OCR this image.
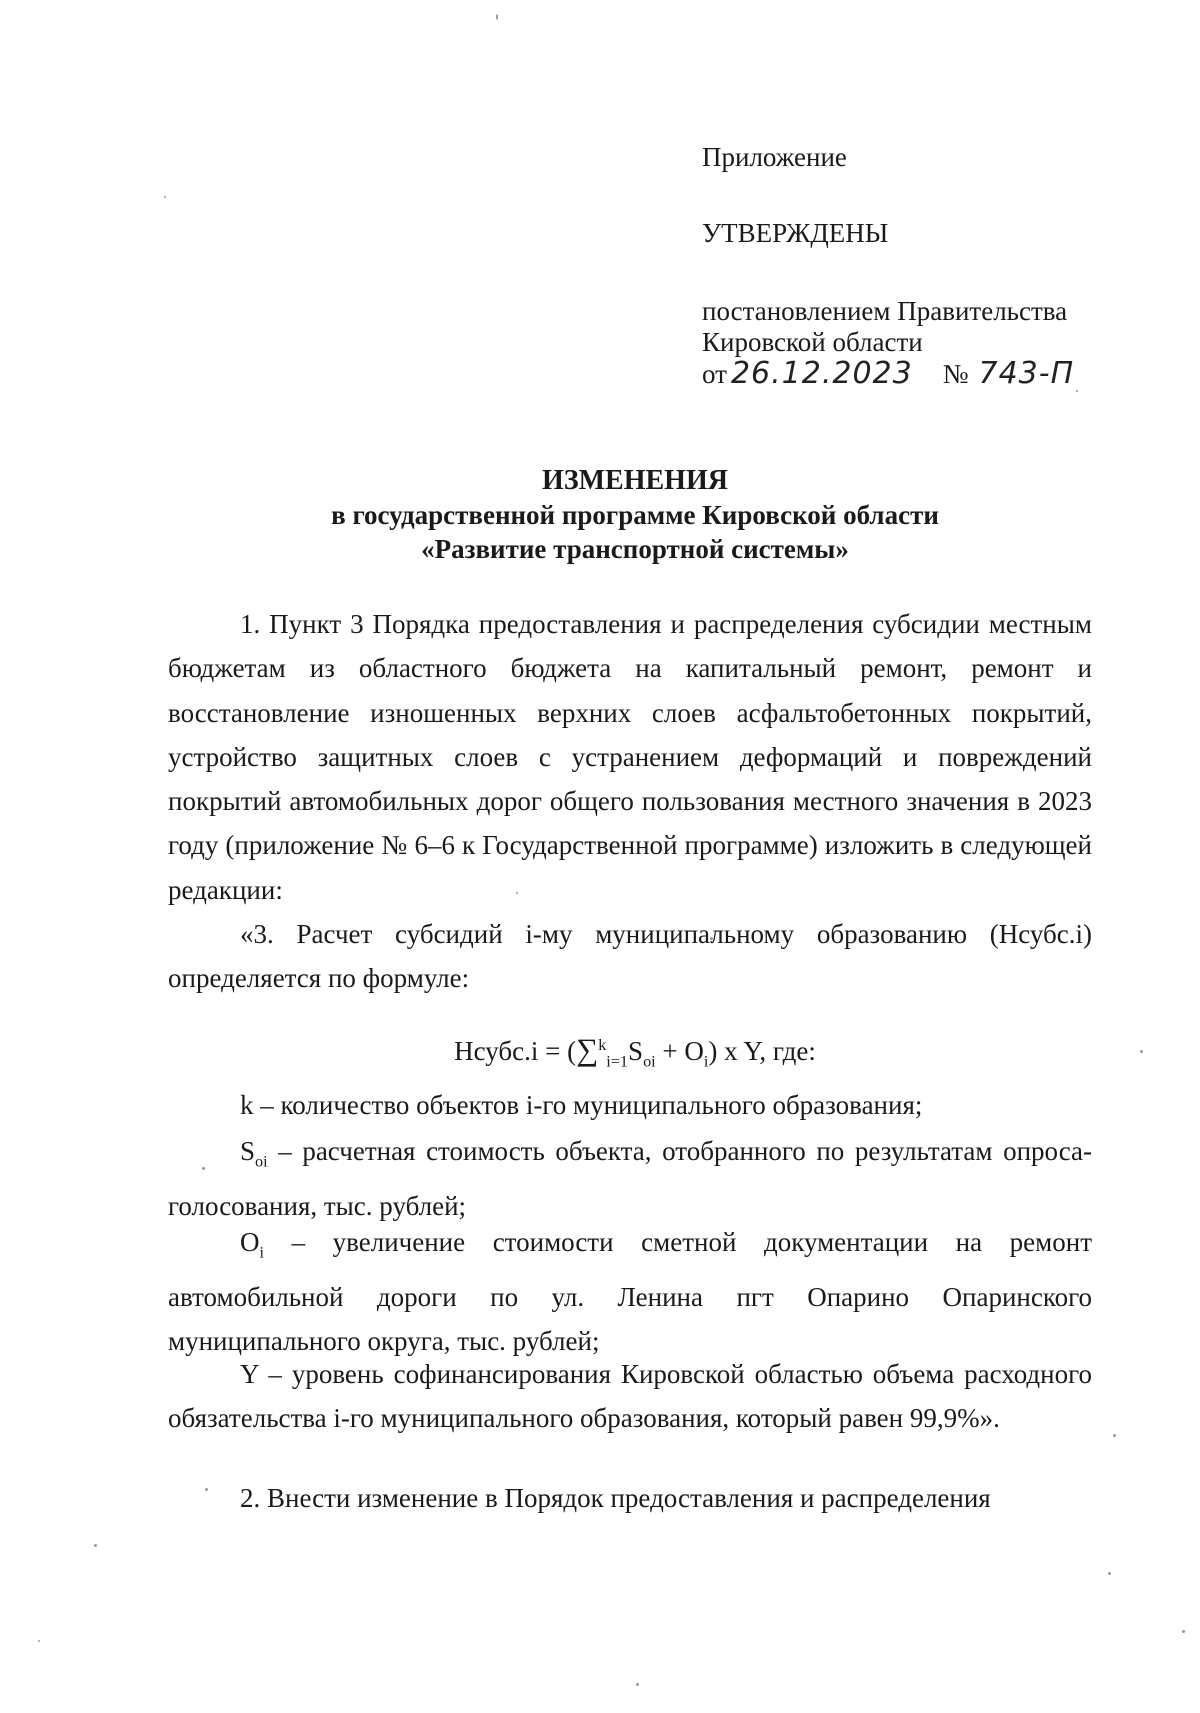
Приложение
УТВЕРЖДЕНЫ
постановлением Правительства
Кировской области
от 26.12.2023 № 743-П
ИЗМЕНЕНИЯ
в государственной программе Кировской области
«Развитие транспортной системы»
1. Пункт 3 Порядка предоставления и распределения субсидии местным бюджетам из областного бюджета на капитальный ремонт, ремонт и восстановление изношенных верхних слоев асфальтобетонных покрытий, устройство защитных слоев с устранением деформаций и повреждений покрытий автомобильных дорог общего пользования местного значения в 2023 году (приложение № 6–6 к Государственной программе) изложить в следующей редакции:
«3. Расчет субсидий i-му муниципальному образованию (Нсубс.i) определяется по формуле:
Нсубс.i = $(\sum^k_{i=1}S_{oi} + O_i)$ x Y, где:
k – количество объектов i-го муниципального образования;
$S_{oi}$ – расчетная стоимость объекта, отобранного по результатам опроса-голосования, тыс. рублей;
$O_i$ – увеличение стоимости сметной документации на ремонт автомобильной дороги по ул. Ленина пгт Опарино Опаринского муниципального округа, тыс. рублей;
Y – уровень софинансирования Кировской областью объема расходного обязательства i-го муниципального образования, который равен 99,9%».
2. Внести изменение в Порядок предоставления и распределения
